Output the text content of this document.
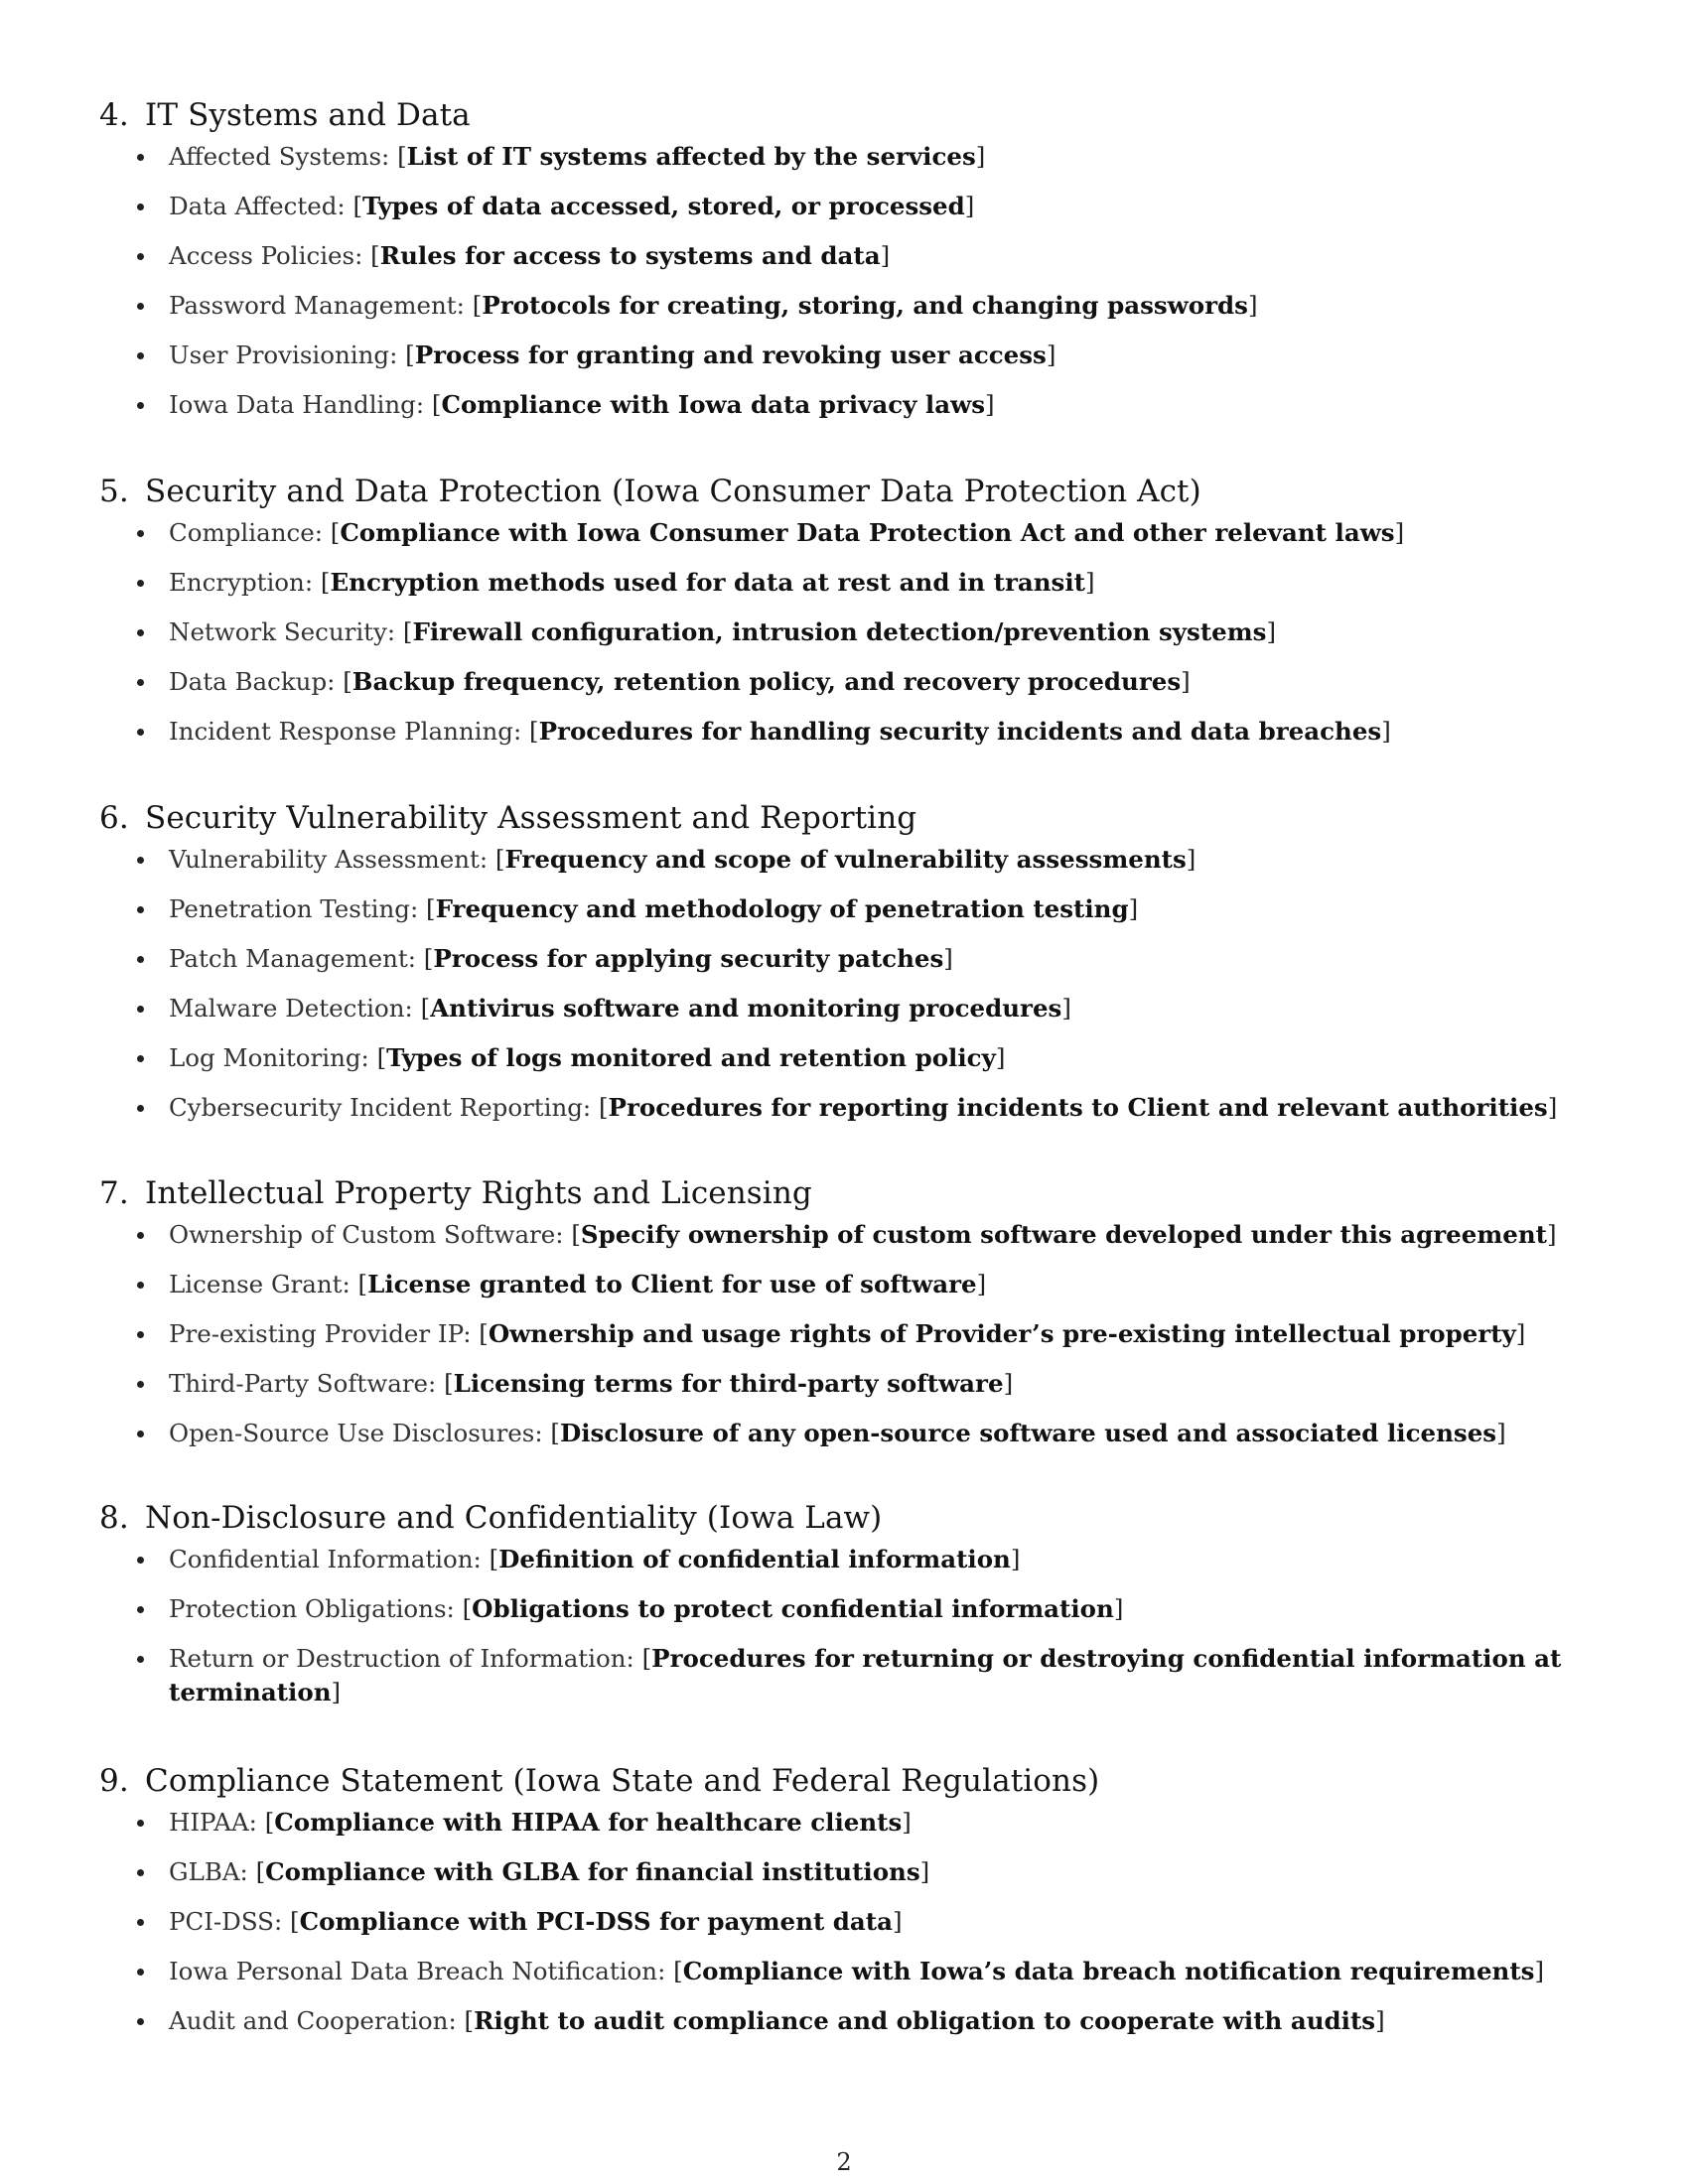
4. IT Systems and Data
Affected Systems: [List of IT systems affected by the services]
Data Affected: [Types of data accessed, stored, or processed]
Access Policies: [Rules for access to systems and data]
Password Management: [Protocols for creating, storing, and changing passwords]
User Provisioning: [Process for granting and revoking user access]
Iowa Data Handling: [Compliance with Iowa data privacy laws]
5. Security and Data Protection (Iowa Consumer Data Protection Act)
Compliance: [Compliance with Iowa Consumer Data Protection Act and other relevant laws]
Encryption: [Encryption methods used for data at rest and in transit]
Network Security: [Firewall configuration, intrusion detection/prevention systems]
Data Backup: [Backup frequency, retention policy, and recovery procedures]
Incident Response Planning: [Procedures for handling security incidents and data breaches]
6. Security Vulnerability Assessment and Reporting
Vulnerability Assessment: [Frequency and scope of vulnerability assessments]
Penetration Testing: [Frequency and methodology of penetration testing]
Patch Management: [Process for applying security patches]
Malware Detection: [Antivirus software and monitoring procedures]
Log Monitoring: [Types of logs monitored and retention policy]
Cybersecurity Incident Reporting: [Procedures for reporting incidents to Client and relevant authorities]
7. Intellectual Property Rights and Licensing
Ownership of Custom Software: [Specify ownership of custom software developed under this agreement]
License Grant: [License granted to Client for use of software]
Pre-existing Provider IP: [Ownership and usage rights of Provider’s pre-existing intellectual property]
Third-Party Software: [Licensing terms for third-party software]
Open-Source Use Disclosures: [Disclosure of any open-source software used and associated licenses]
8. Non-Disclosure and Confidentiality (Iowa Law)
Confidential Information: [Definition of confidential information]
Protection Obligations: [Obligations to protect confidential information]
Return or Destruction of Information: [Procedures for returning or destroying confidential information at termination]
9. Compliance Statement (Iowa State and Federal Regulations)
HIPAA: [Compliance with HIPAA for healthcare clients]
GLBA: [Compliance with GLBA for financial institutions]
PCI-DSS: [Compliance with PCI-DSS for payment data]
Iowa Personal Data Breach Notification: [Compliance with Iowa’s data breach notification requirements]
Audit and Cooperation: [Right to audit compliance and obligation to cooperate with audits]
2
